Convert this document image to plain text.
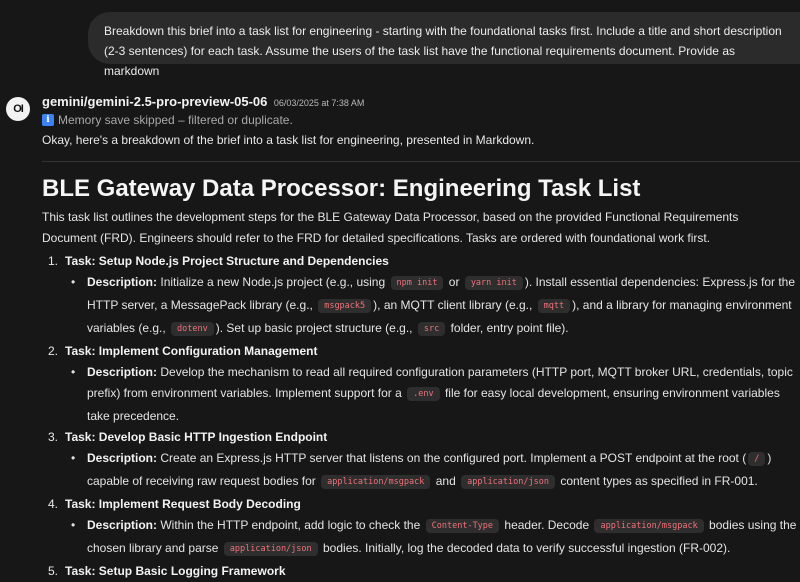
Breakdown this brief into a task list for engineering - starting with the foundational tasks first. Include a title and short description (2-3 sentences) for each task. Assume the users of the task list have the functional requirements document. Provide as markdown
OI gemini/gemini-2.5-pro-preview-05-06 06/03/2025 at 7:38 AM
i Memory save skipped – filtered or duplicate.
Okay, here's a breakdown of the brief into a task list for engineering, presented in Markdown.
BLE Gateway Data Processor: Engineering Task List
This task list outlines the development steps for the BLE Gateway Data Processor, based on the provided Functional Requirements Document (FRD). Engineers should refer to the FRD for detailed specifications. Tasks are ordered with foundational work first.
1. Task: Setup Node.js Project Structure and Dependencies
• Description: Initialize a new Node.js project (e.g., using npm init or yarn init ). Install essential dependencies: Express.js for the HTTP server, a MessagePack library (e.g., msgpack5 ), an MQTT client library (e.g., mqtt ), and a library for managing environment variables (e.g., dotenv ). Set up basic project structure (e.g., src folder, entry point file).
2. Task: Implement Configuration Management
• Description: Develop the mechanism to read all required configuration parameters (HTTP port, MQTT broker URL, credentials, topic prefix) from environment variables. Implement support for a .env file for easy local development, ensuring environment variables take precedence.
3. Task: Develop Basic HTTP Ingestion Endpoint
• Description: Create an Express.js HTTP server that listens on the configured port. Implement a POST endpoint at the root ( / ) capable of receiving raw request bodies for application/msgpack and application/json content types as specified in FR-001.
4. Task: Implement Request Body Decoding
• Description: Within the HTTP endpoint, add logic to check the Content-Type header. Decode application/msgpack bodies using the chosen library and parse application/json bodies. Initially, log the decoded data to verify successful ingestion (FR-002).
5. Task: Setup Basic Logging Framework
